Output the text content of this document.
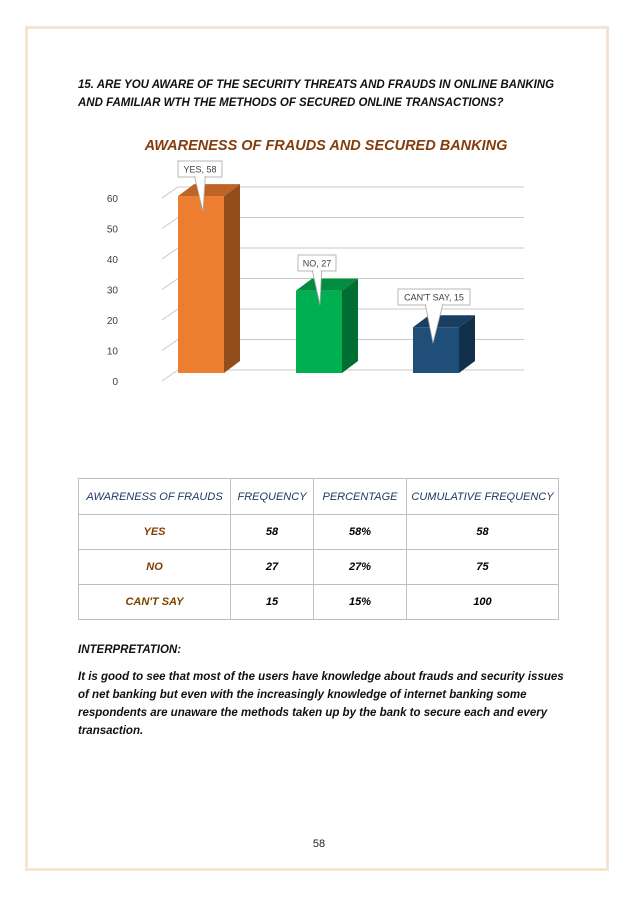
15. ARE YOU AWARE OF THE SECURITY THREATS AND FRAUDS IN ONLINE BANKING AND FAMILIAR WTH THE METHODS OF SECURED ONLINE TRANSACTIONS?
AWARENESS OF FRAUDS AND SECURED BANKING
0
10
20
30
40
50
60
YES, 58
NO, 27
CAN'T SAY, 15
AWARENESS OF FRAUDS	FREQUENCY	PERCENTAGE	CUMULATIVE FREQUENCY
YES	58	58%	58
NO	27	27%	75
CAN'T SAY	15	15%	100
INTERPRETATION:
It is good to see that most of the users have knowledge about frauds and security issues of net banking but even with the increasingly knowledge of internet banking some respondents are unaware the methods taken up by the bank to secure each and every transaction.
58
